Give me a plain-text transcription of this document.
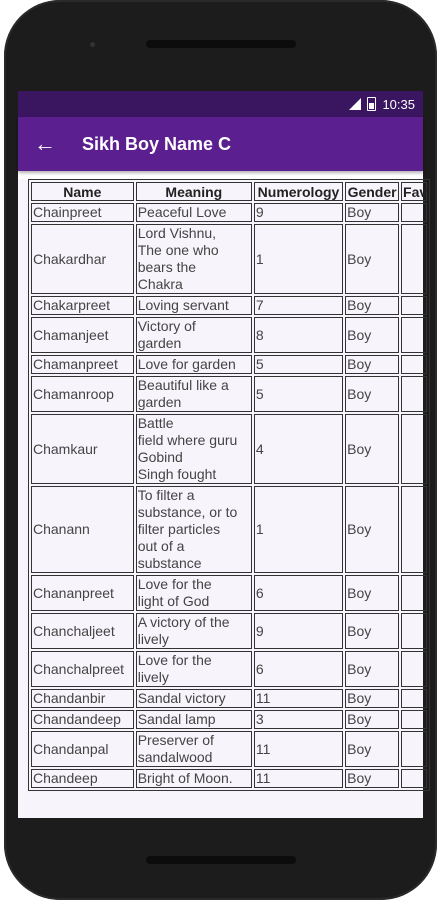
10:35
←	Sikh Boy Name C
Name	Meaning	Numerology	Gender	Fav
Chainpreet	Peaceful Love	9	Boy	
Chakardhar	Lord Vishnu,
The one who
bears the
Chakra	1	Boy	
Chakarpreet	Loving servant	7	Boy	
Chamanjeet	Victory of
garden	8	Boy	
Chamanpreet	Love for garden	5	Boy	
Chamanroop	Beautiful like a
garden	5	Boy	
Chamkaur	Battle
field where guru
Gobind
Singh fought	4	Boy	
Chanann	To filter a
substance, or to
filter particles
out of a
substance	1	Boy	
Chananpreet	Love for the
light of God	6	Boy	
Chanchaljeet	A victory of the
lively	9	Boy	
Chanchalpreet	Love for the
lively	6	Boy	
Chandanbir	Sandal victory	11	Boy	
Chandandeep	Sandal lamp	3	Boy	
Chandanpal	Preserver of
sandalwood	11	Boy	
Chandeep	Bright of Moon.	11	Boy	
